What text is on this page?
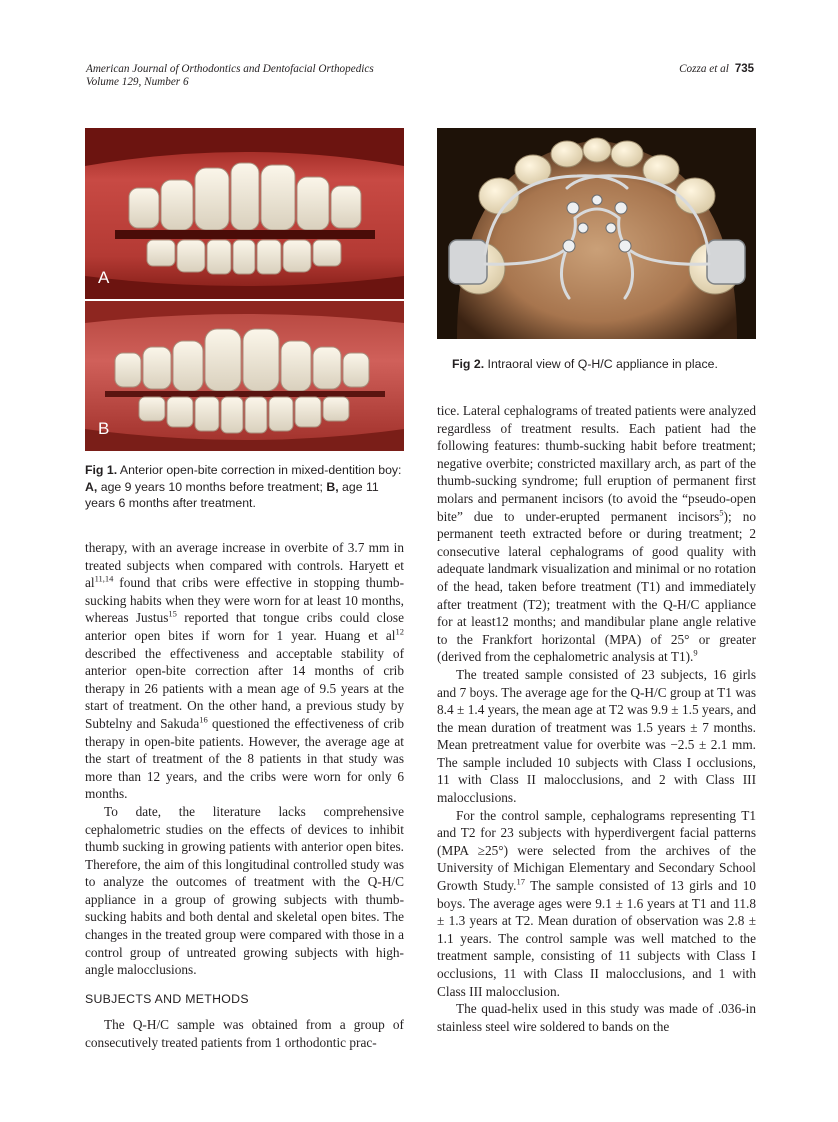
American Journal of Orthodontics and Dentofacial Orthopedics
Volume 129, Number 6
Cozza et al 735
A
B
Fig 1. Anterior open-bite correction in mixed-dentition boy: A, age 9 years 10 months before treatment; B, age 11 years 6 months after treatment.
Fig 2. Intraoral view of Q-H/C appliance in place.

therapy, with an average increase in overbite of 3.7 mm in treated subjects when compared with controls. Haryett et al$^{11,14}$ found that cribs were effective in stopping thumb-sucking habits when they were worn for at least 10 months, whereas Justus$^{15}$ reported that tongue cribs could close anterior open bites if worn for 1 year. Huang et $al^{12}$ described the effectiveness and acceptable stability of anterior open-bite correction after 14 months of crib therapy in 26 patients with a mean age of 9.5 years at the start of treatment. On the other hand, a previous study by Subtelny and Sakuda$^{16}$ questioned the effectiveness of crib therapy in open-bite patients. However, the average age at the start of treatment of the 8 patients in that study was more than 12 years, and the cribs were worn for only 6 months.

To date, the literature lacks comprehensive cephalometric studies on the effects of devices to inhibit thumb sucking in growing patients with anterior open bites. Therefore, the aim of this longitudinal controlled study was to analyze the outcomes of treatment with the Q-H/C appliance in a group of growing subjects with thumb-sucking habits and both dental and skeletal open bites. The changes in the treated group were compared with those in a control group of untreated growing subjects with high-angle malocclusions.

SUBJECTS AND METHODS

The Q-H/C sample was obtained from a group of consecutively treated patients from 1 orthodontic prac-

tice. Lateral cephalograms of treated patients were analyzed regardless of treatment results. Each patient had the following features: thumb-sucking habit before treatment; negative overbite; constricted maxillary arch, as part of the thumb-sucking syndrome; full eruption of permanent first molars and permanent incisors (to avoid the “pseudo-open bite” due to under-erupted permanent incisors$^5$); no permanent teeth extracted before or during treatment; 2 consecutive lateral cephalograms of good quality with adequate landmark visualization and minimal or no rotation of the head, taken before treatment (T1) and immediately after treatment (T2); treatment with the Q-H/C appliance for at least12 months; and mandibular plane angle relative to the Frankfort horizontal (MPA) of 25° or greater (derived from the cephalometric analysis at T1).$^9$

The treated sample consisted of 23 subjects, 16 girls and 7 boys. The average age for the Q-H/C group at T1 was 8.4 ± 1.4 years, the mean age at T2 was 9.9 ± 1.5 years, and the mean duration of treatment was 1.5 years ± 7 months. Mean pretreatment value for overbite was −2.5 ± 2.1 mm. The sample included 10 subjects with Class I occlusions, 11 with Class II malocclusions, and 2 with Class III malocclusions.

For the control sample, cephalograms representing T1 and T2 for 23 subjects with hyperdivergent facial patterns (MPA ≥25°) were selected from the archives of the University of Michigan Elementary and Secondary School Growth Study.$^{17}$ The sample consisted of 13 girls and 10 boys. The average ages were 9.1 ± 1.6 years at T1 and 11.8 ± 1.3 years at T2. Mean duration of observation was 2.8 ± 1.1 years. The control sample was well matched to the treatment sample, consisting of 11 subjects with Class I occlusions, 11 with Class II malocclusions, and 1 with Class III malocclusion.

The quad-helix used in this study was made of .036-in stainless steel wire soldered to bands on the
